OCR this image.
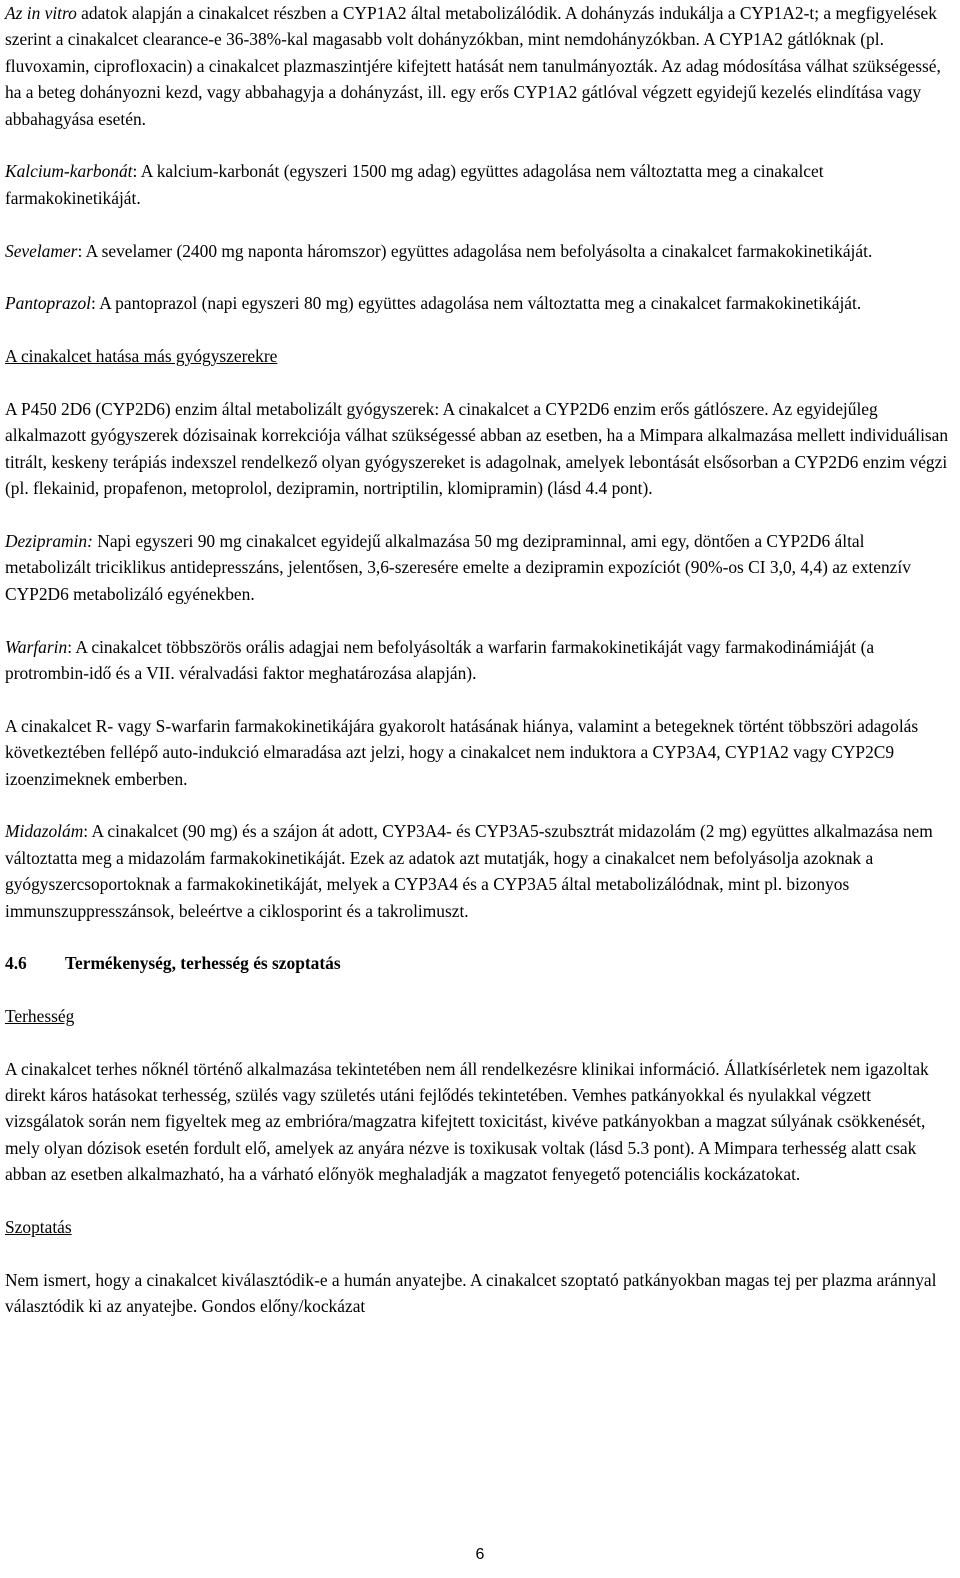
Az in vitro adatok alapján a cinakalcet részben a CYP1A2 által metabolizálódik. A dohányzás indukálja a CYP1A2-t; a megfigyelések szerint a cinakalcet clearance-e 36-38%-kal magasabb volt dohányzókban, mint nemdohányzókban. A CYP1A2 gátlóknak (pl. fluvoxamin, ciprofloxacin) a cinakalcet plazmaszintjére kifejtett hatását nem tanulmányozták. Az adag módosítása válhat szükségessé, ha a beteg dohányozni kezd, vagy abbahagyja a dohányzást, ill. egy erős CYP1A2 gátlóval végzett egyidejű kezelés elindítása vagy abbahagyása esetén.

Kalcium-karbonát: A kalcium-karbonát (egyszeri 1500 mg adag) együttes adagolása nem változtatta meg a cinakalcet farmakokinetikáját.

Sevelamer: A sevelamer (2400 mg naponta háromszor) együttes adagolása nem befolyásolta a cinakalcet farmakokinetikáját.

Pantoprazol: A pantoprazol (napi egyszeri 80 mg) együttes adagolása nem változtatta meg a cinakalcet farmakokinetikáját.

A cinakalcet hatása más gyógyszerekre

A P450 2D6 (CYP2D6) enzim által metabolizált gyógyszerek: A cinakalcet a CYP2D6 enzim erős gátlószere. Az egyidejűleg alkalmazott gyógyszerek dózisainak korrekciója válhat szükségessé abban az esetben, ha a Mimpara alkalmazása mellett individuálisan titrált, keskeny terápiás indexszel rendelkező olyan gyógyszereket is adagolnak, amelyek lebontását elsősorban a CYP2D6 enzim végzi (pl. flekainid, propafenon, metoprolol, dezipramin, nortriptilin, klomipramin) (lásd 4.4 pont).

Dezipramin: Napi egyszeri 90 mg cinakalcet egyidejű alkalmazása 50 mg dezipraminnal, ami egy, döntően a CYP2D6 által metabolizált triciklikus antidepresszáns, jelentősen, 3,6-szeresére emelte a dezipramin expozíciót (90%-os CI 3,0, 4,4) az extenzív CYP2D6 metabolizáló egyénekben.

Warfarin: A cinakalcet többszörös orális adagjai nem befolyásolták a warfarin farmakokinetikáját vagy farmakodinámiáját (a protrombin-idő és a VII. véralvadási faktor meghatározása alapján).

A cinakalcet R- vagy S-warfarin farmakokinetikájára gyakorolt hatásának hiánya, valamint a betegeknek történt többszöri adagolás következtében fellépő auto-indukció elmaradása azt jelzi, hogy a cinakalcet nem induktora a CYP3A4, CYP1A2 vagy CYP2C9 izoenzimeknek emberben.

Midazolám: A cinakalcet (90 mg) és a szájon át adott, CYP3A4- és CYP3A5-szubsztrát midazolám (2 mg) együttes alkalmazása nem változtatta meg a midazolám farmakokinetikáját. Ezek az adatok azt mutatják, hogy a cinakalcet nem befolyásolja azoknak a gyógyszercsoportoknak a farmakokinetikáját, melyek a CYP3A4 és a CYP3A5 által metabolizálódnak, mint pl. bizonyos immunszuppresszánsok, beleértve a ciklosporint és a takrolimuszt.

4.6	Termékenység, terhesség és szoptatás

Terhesség

A cinakalcet terhes nőknél történő alkalmazása tekintetében nem áll rendelkezésre klinikai információ. Állatkísérletek nem igazoltak direkt káros hatásokat terhesség, szülés vagy születés utáni fejlődés tekintetében. Vemhes patkányokkal és nyulakkal végzett vizsgálatok során nem figyeltek meg az embrióra/magzatra kifejtett toxicitást, kivéve patkányokban a magzat súlyának csökkenését, mely olyan dózisok esetén fordult elő, amelyek az anyára nézve is toxikusak voltak (lásd 5.3 pont). A Mimpara terhesség alatt csak abban az esetben alkalmazható, ha a várható előnyök meghaladják a magzatot fenyegető potenciális kockázatokat.

Szoptatás

Nem ismert, hogy a cinakalcet kiválasztódik-e a humán anyatejbe. A cinakalcet szoptató patkányokban magas tej per plazma aránnyal választódik ki az anyatejbe. Gondos előny/kockázat

6
